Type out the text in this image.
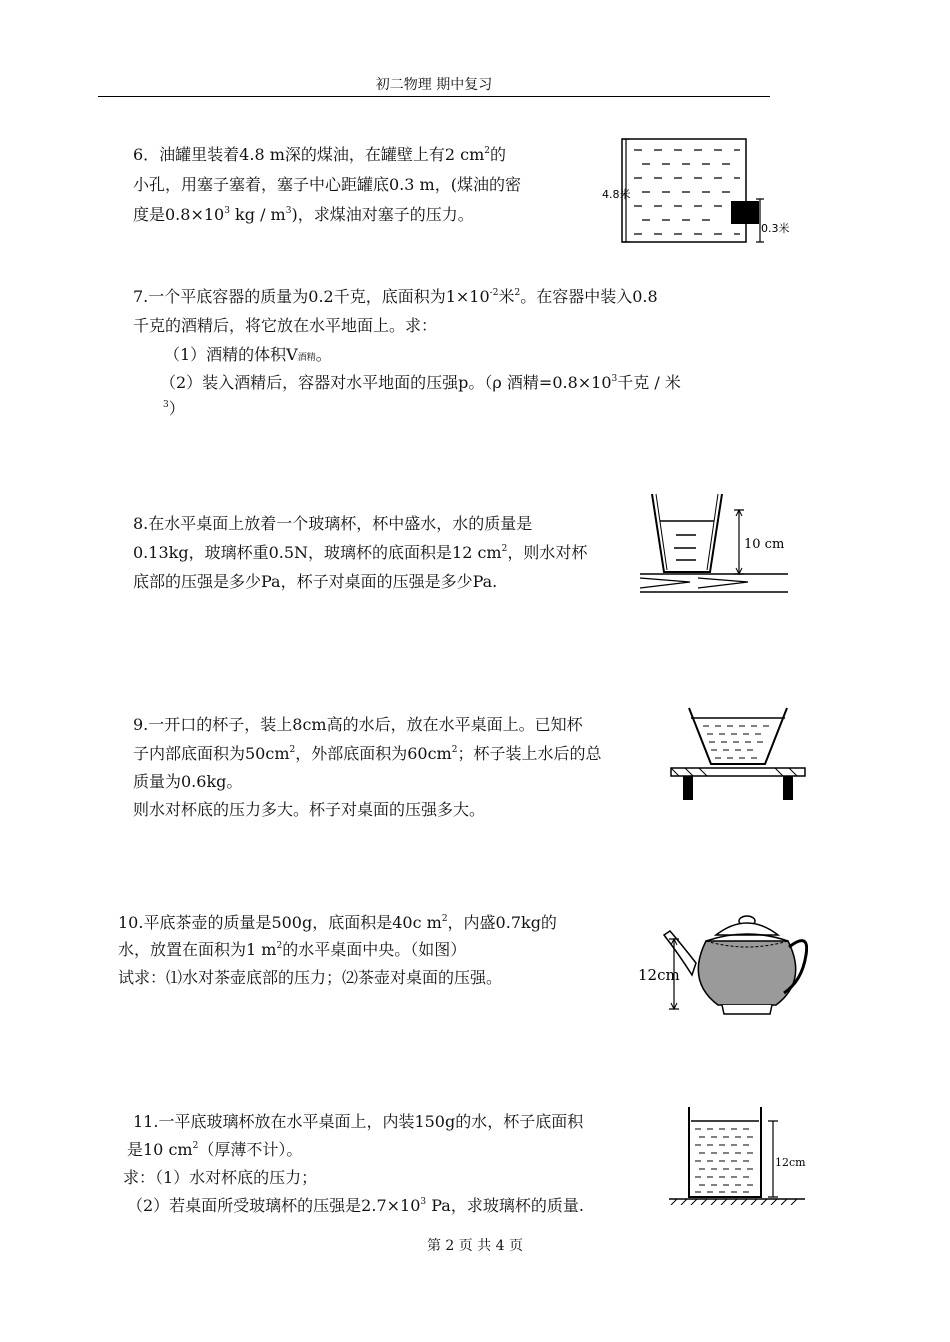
初二物理 期中复习
6．油罐里装着4.8 m深的煤油，在罐壁上有2 $cm^2$的
小孔，用塞子塞着，塞子中心距罐底0.3 m，(煤油的密
度是$0.8\times 10^3$ kg / $m^3$)，求煤油对塞子的压力。
4.8米
0.3米
7.一个平底容器的质量为0.2千克，底面积为$1\times 10^{-2}$米$^2$。在容器中装入0.8
千克的酒精后，将它放在水平地面上。求：
（1）酒精的体积V酒精。
（2）装入酒精后，容器对水平地面的压强p。（ρ 酒精$=0.8\times 10^3$千克 / 米
$^3$）
8.在水平桌面上放着一个玻璃杯，杯中盛水，水的质量是
0.13kg，玻璃杯重0.5N，玻璃杯的底面积是12 $cm^2$，则水对杯
底部的压强是多少Pa，杯子对桌面的压强是多少Pa.
10 cm
9.一开口的杯子，装上8cm高的水后，放在水平桌面上。已知杯
子内部底面积为$50cm^2$，外部底面积为$60cm^2$；杯子装上水后的总
质量为0.6kg。
则水对杯底的压力多大。杯子对桌面的压强多大。
10.平底茶壶的质量是500g，底面积是40c $m^2$，内盛0.7kg的
水，放置在面积为1 $m^2$的水平桌面中央。（如图）
试求：⑴水对茶壶底部的压力；⑵茶壶对桌面的压强。	12cm
11.一平底玻璃杯放在水平桌面上，内装150g的水，杯子底面积
是10 $cm^2$（厚薄不计）。
求：（1）水对杯底的压力；
（2）若桌面所受玻璃杯的压强是$2.7\times 10^3$ Pa，求玻璃杯的质量.
12cm
第 2 页 共 4 页
